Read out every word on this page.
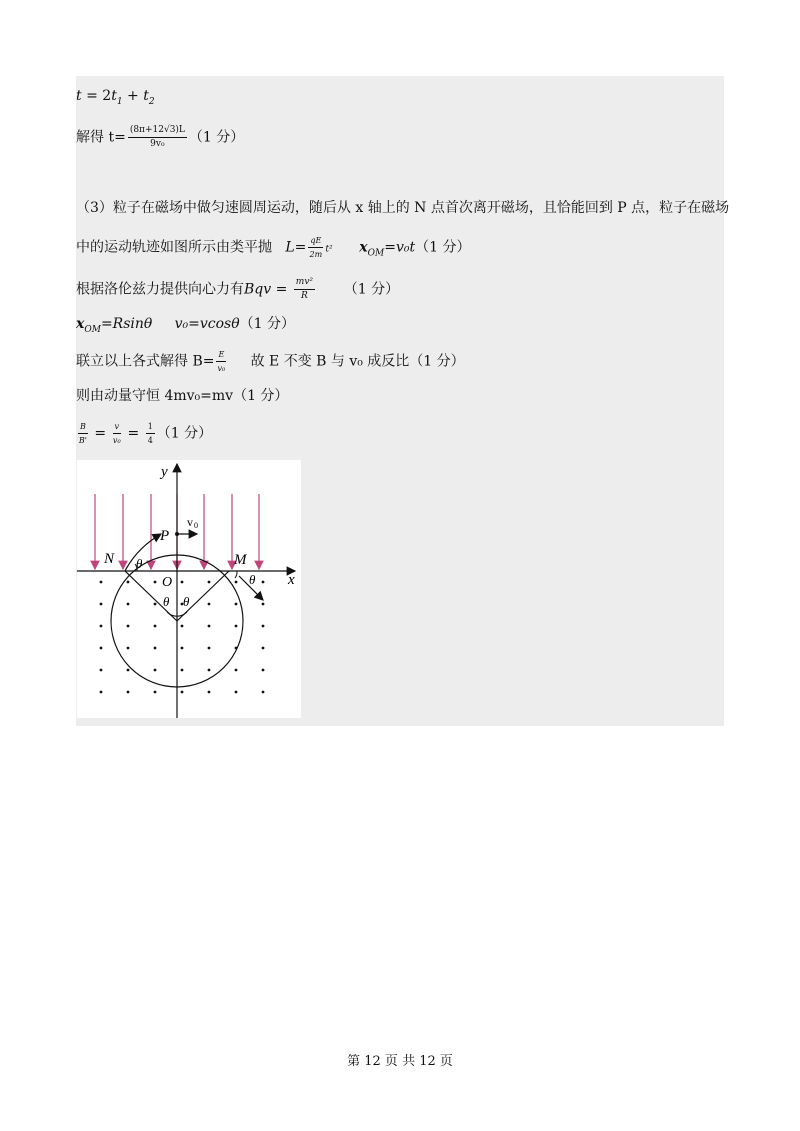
$t = 2t_1 + t_2$
解得 $t= \frac{(8\pi+12√3)L}{\text{9v₀}} (1$ 分）
（3）粒子在磁场中做匀速圆周运动，随后从 x 轴上的 N 点首次离开磁场，且恰能回到 P 点，粒子在磁场
中的运动轨迹如图所示由类平抛 $L= \frac{qE}{2m} t^2$ $x_{OM}=v_0t(1$ 分）
根据洛伦兹力提供向心力有Bqv = $\frac{\text{mv²}}{R} (1$ 分）
$x_{OM}=Rsin\theta$ v₀=vcosθ（1 分）
联立以上各式解得 $B= \frac{E}{\text{v₀}}$ 故 E 不变 B 与 v₀ 成反比（1 分）
则由动量守恒 4mv₀=mv（1 分）
$\frac{B}{B'} = \frac{v}{\text{v₀}} = \frac{1}{4} (1$ 分）
y
x
P
v 0
N
O
M
θ
θ
θ θ
第 12 页 共 12 页
